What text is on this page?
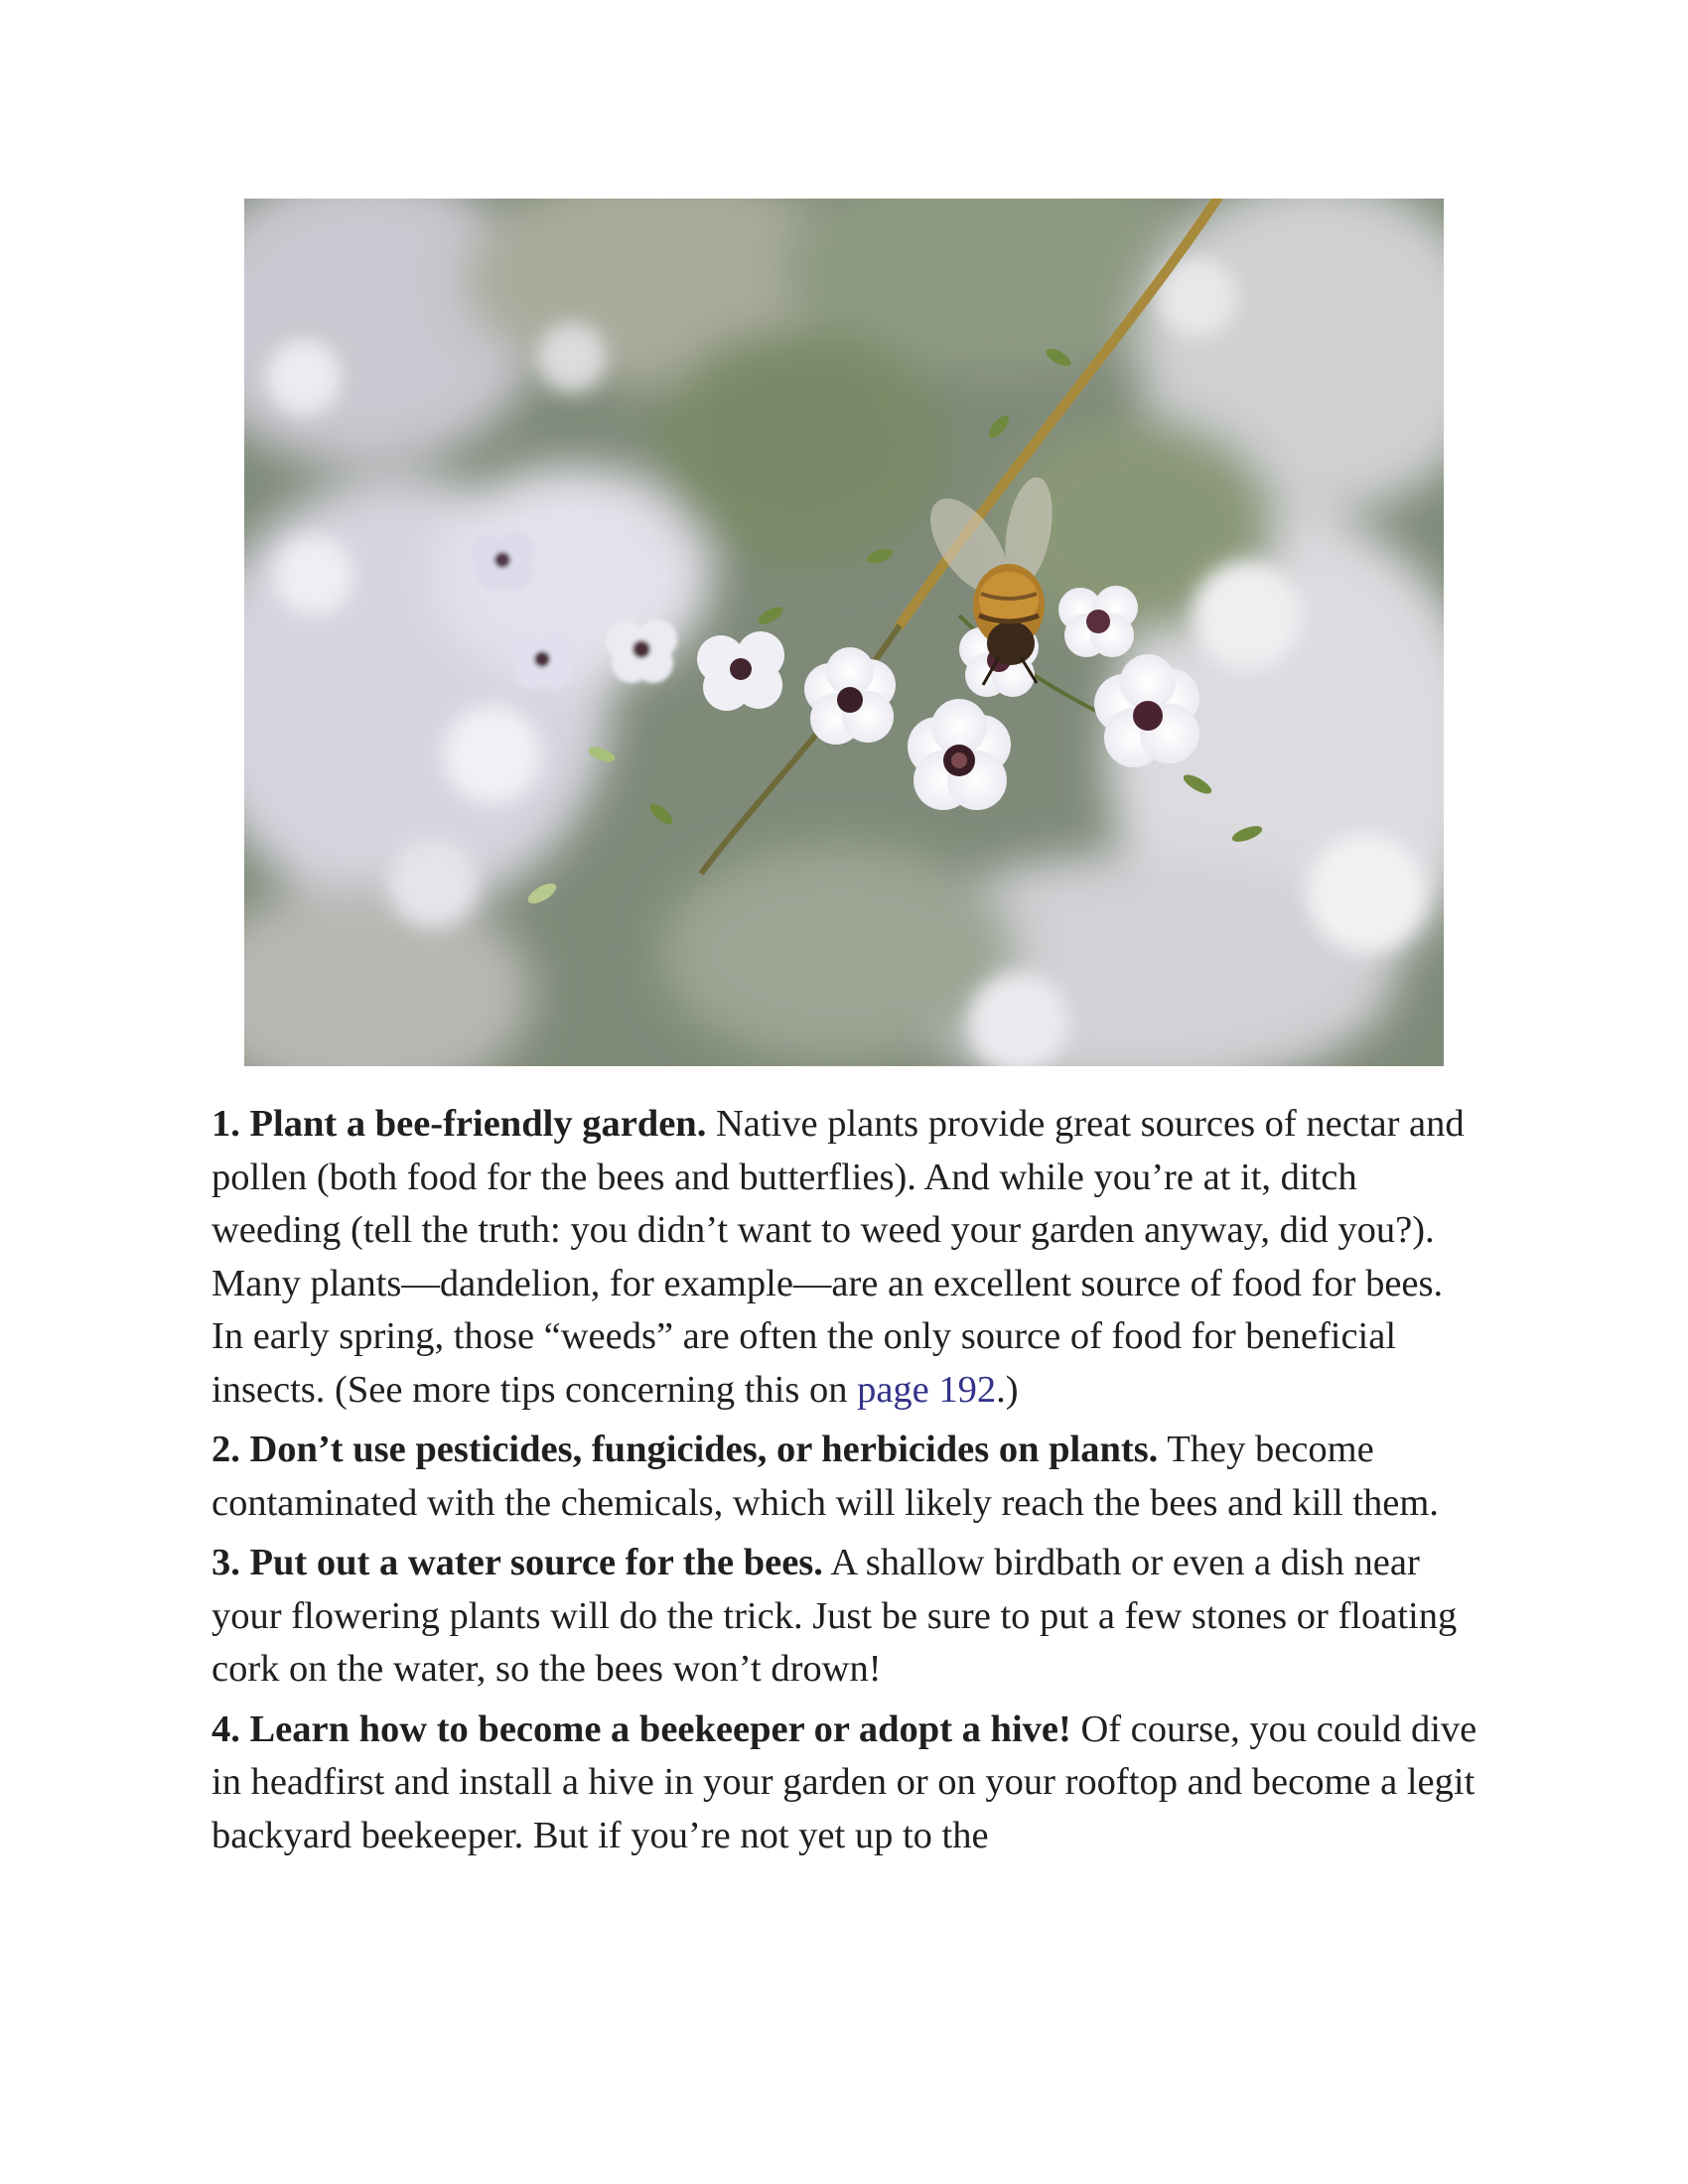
1. Plant a bee-friendly garden. Native plants provide great sources of nectar and pollen (both food for the bees and butterflies). And while you’re at it, ditch weeding (tell the truth: you didn’t want to weed your garden anyway, did you?). Many plants—dandelion, for example—are an excellent source of food for bees. In early spring, those “weeds” are often the only source of food for beneficial insects. (See more tips concerning this on page 192.)

2. Don’t use pesticides, fungicides, or herbicides on plants. They become contaminated with the chemicals, which will likely reach the bees and kill them.

3. Put out a water source for the bees. A shallow birdbath or even a dish near your flowering plants will do the trick. Just be sure to put a few stones or floating cork on the water, so the bees won’t drown!

4. Learn how to become a beekeeper or adopt a hive! Of course, you could dive in headfirst and install a hive in your garden or on your rooftop and become a legit backyard beekeeper. But if you’re not yet up to the
